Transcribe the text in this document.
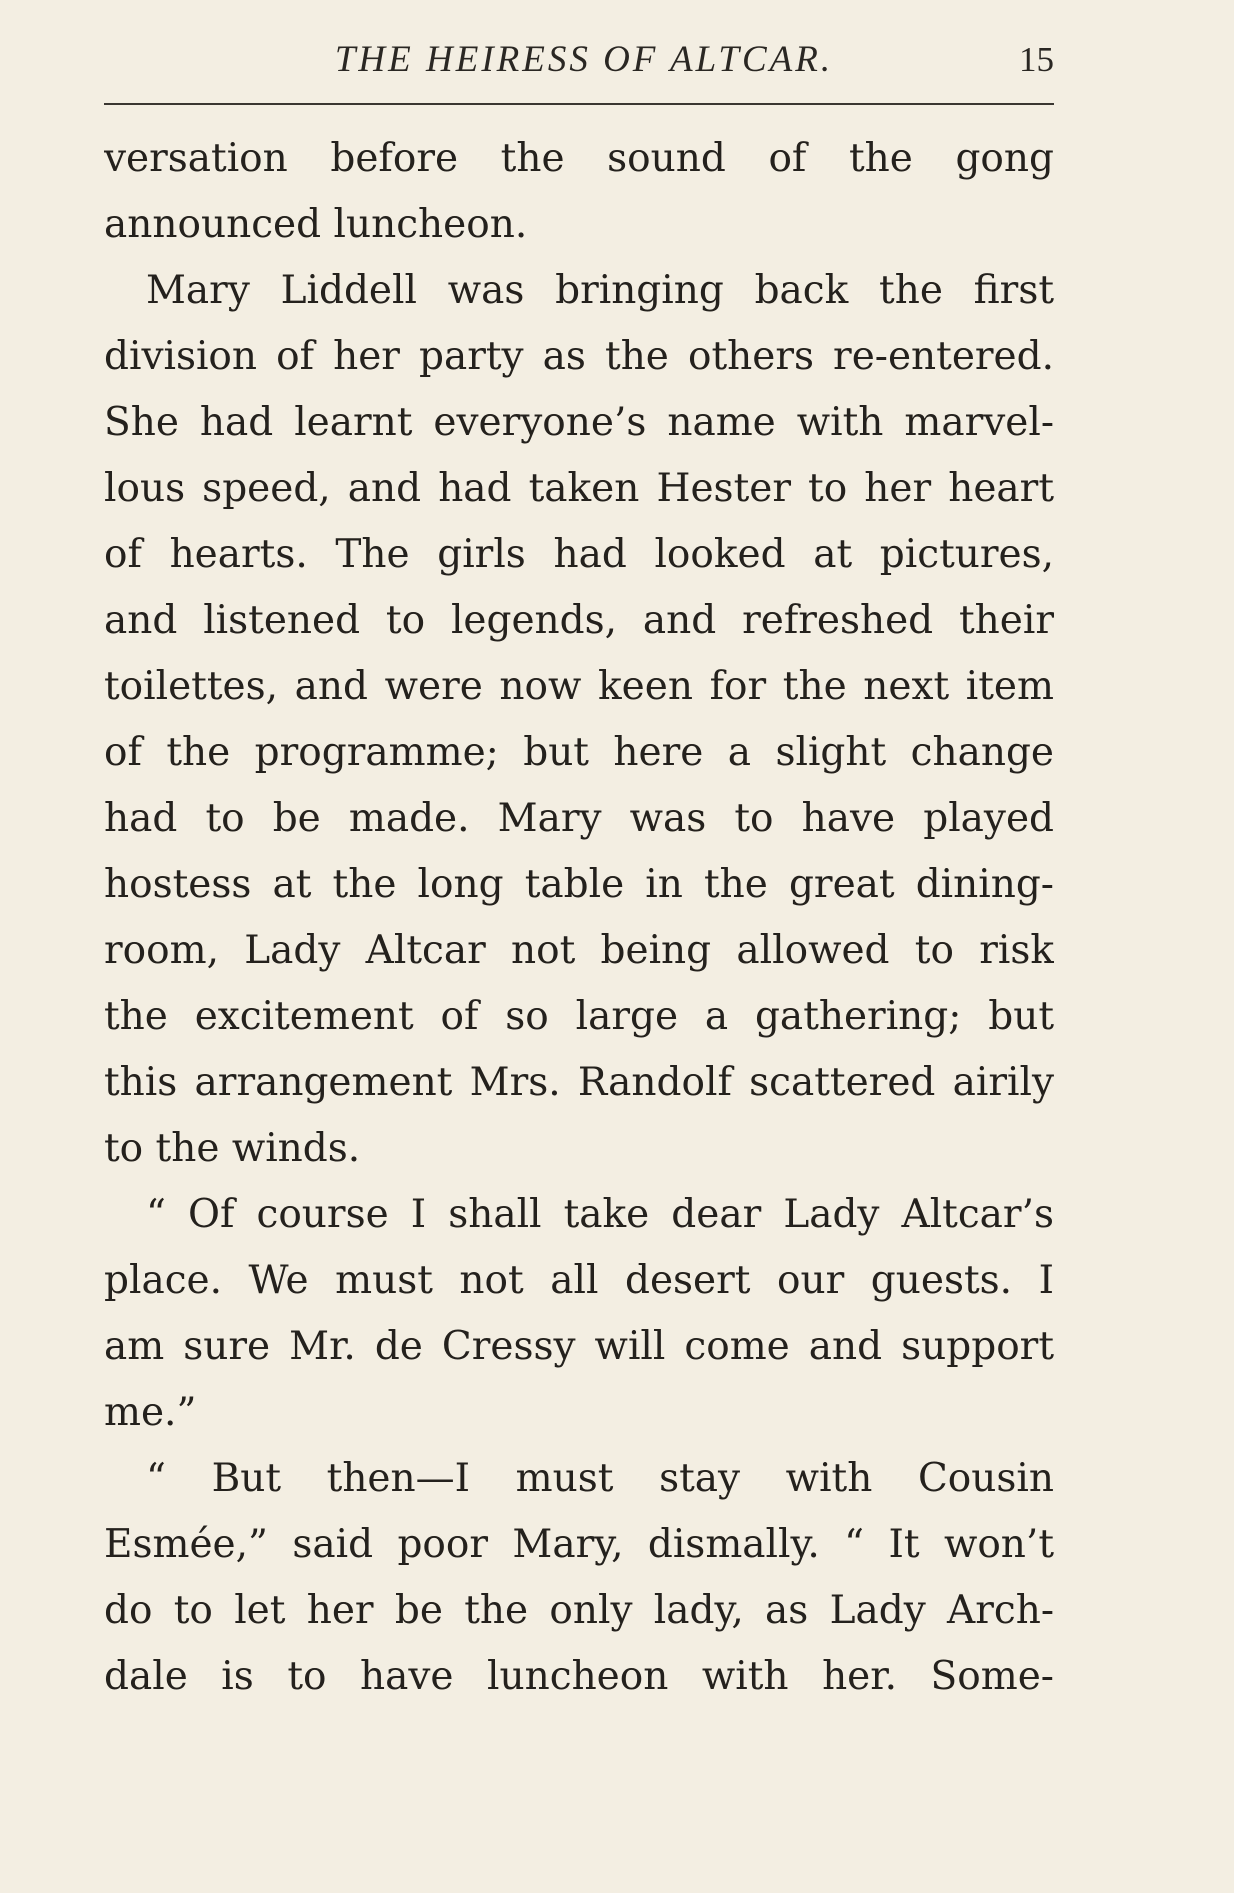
THE HEIRESS OF ALTCAR.	15
versation before the sound of the gong
announced luncheon.
Mary Liddell was bringing back the first
division of her party as the others re-entered.
She had learnt everyone’s name with marvel-
lous speed, and had taken Hester to her heart
of hearts. The girls had looked at pictures,
and listened to legends, and refreshed their
toilettes, and were now keen for the next item
of the programme; but here a slight change
had to be made. Mary was to have played
hostess at the long table in the great dining-
room, Lady Altcar not being allowed to risk
the excitement of so large a gathering; but
this arrangement Mrs. Randolf scattered airily
to the winds.
“ Of course I shall take dear Lady Altcar’s
place. We must not all desert our guests. I
am sure Mr. de Cressy will come and support
me.”
“ But then—I must stay with Cousin
Esmée,” said poor Mary, dismally. “ It won’t
do to let her be the only lady, as Lady Arch-
dale is to have luncheon with her. Some-
